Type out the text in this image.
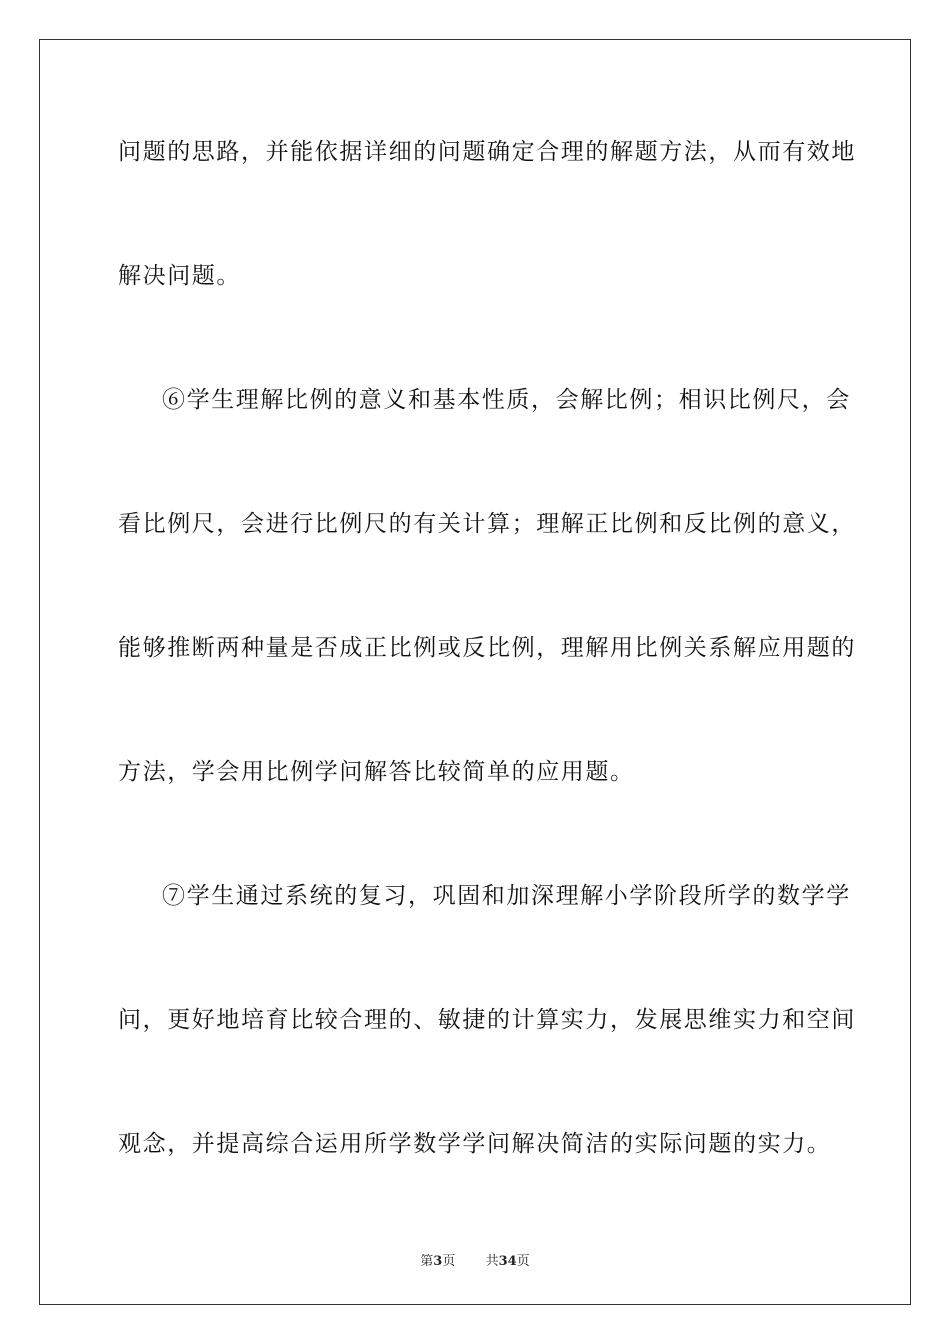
问题的思路，并能依据详细的问题确定合理的解题方法，从而有效地
解决问题。
⑥学生理解比例的意义和基本性质，会解比例；相识比例尺，会
看比例尺，会进行比例尺的有关计算；理解正比例和反比例的意义，
能够推断两种量是否成正比例或反比例，理解用比例关系解应用题的
方法，学会用比例学问解答比较简单的应用题。
⑦学生通过系统的复习，巩固和加深理解小学阶段所学的数学学
问，更好地培育比较合理的、敏捷的计算实力，发展思维实力和空间
观念，并提高综合运用所学数学学问解决简洁的实际问题的实力。
第3页 共34页
